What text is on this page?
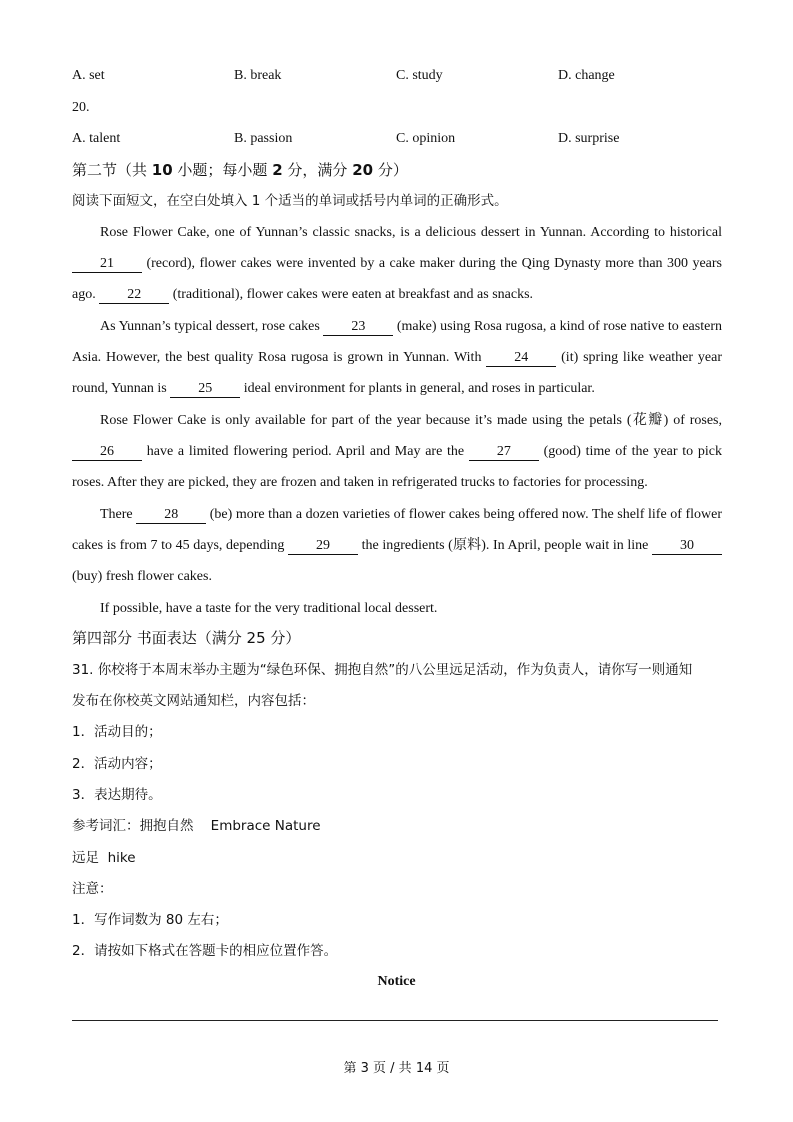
A. set	B. break	C. study	D. change
20.
A. talent	B. passion	C. opinion	D. surprise
第二节（共 10 小题；每小题 2 分，满分 20 分）
阅读下面短文，在空白处填入 1 个适当的单词或括号内单词的正确形式。
Rose Flower Cake, one of Yunnan’s classic snacks, is a delicious dessert in Yunnan. According to historical 21 (record), flower cakes were invented by a cake maker during the Qing Dynasty more than 300 years ago. 22 (traditional), flower cakes were eaten at breakfast and as snacks.
As Yunnan’s typical dessert, rose cakes 23 (make) using Rosa rugosa, a kind of rose native to eastern Asia. However, the best quality Rosa rugosa is grown in Yunnan. With 24 (it) spring like weather year round, Yunnan is 25 ideal environment for plants in general, and roses in particular.
Rose Flower Cake is only available for part of the year because it’s made using the petals (花瓣) of roses, 26 have a limited flowering period. April and May are the 27 (good) time of the year to pick roses. After they are picked, they are frozen and taken in refrigerated trucks to factories for processing.
There 28 (be) more than a dozen varieties of flower cakes being offered now. The shelf life of flower cakes is from 7 to 45 days, depending 29 the ingredients (原料). In April, people wait in line 30 (buy) fresh flower cakes.
If possible, have a taste for the very traditional local dessert.
第四部分 书面表达（满分 25 分）
31. 你校将于本周末举办主题为“绿色环保、拥抱自然”的八公里远足活动，作为负责人，请你写一则通知
发布在你校英文网站通知栏，内容包括：
1．活动目的；
2．活动内容；
3．表达期待。
参考词汇：拥抱自然    Embrace Nature
远足  hike
注意：
1．写作词数为 80 左右；
2．请按如下格式在答题卡的相应位置作答。
Notice
第 3 页 / 共 14 页
